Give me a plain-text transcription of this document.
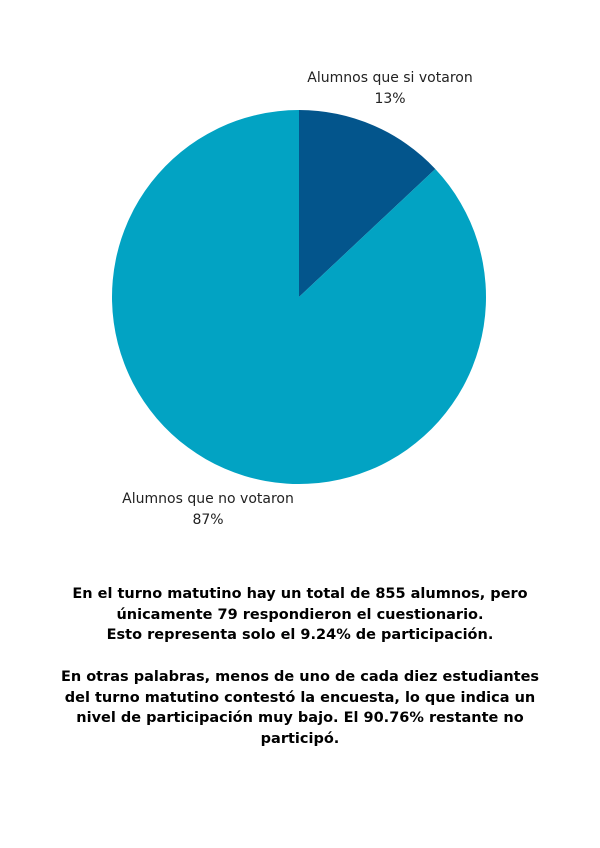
Alumnos que si votaron
13%
Alumnos que no votaron
87%
En el turno matutino hay un total de 855 alumnos, pero
únicamente 79 respondieron el cuestionario.
Esto representa solo el 9.24% de participación.
En otras palabras, menos de uno de cada diez estudiantes
del turno matutino contestó la encuesta, lo que indica un
nivel de participación muy bajo. El 90.76% restante no
participó.
